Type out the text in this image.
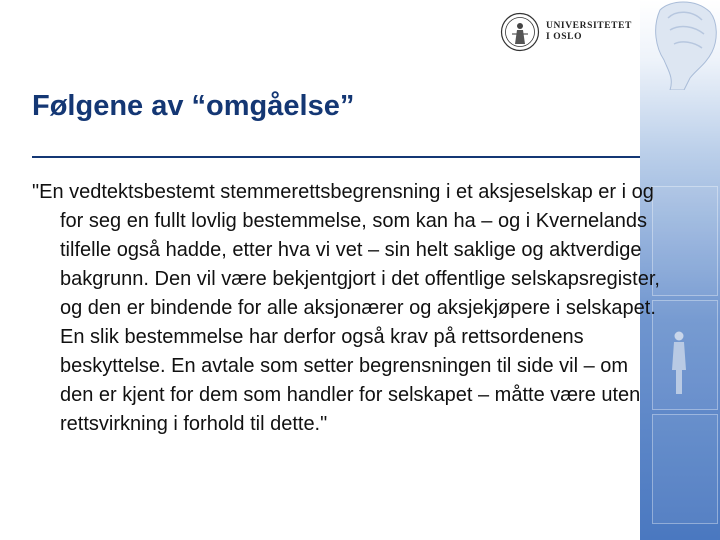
UNIVERSITETET
I OSLO
Følgene av “omgåelse”

"En vedtektsbestemt stemmerettsbegrensning i et aksjeselskap er i og for seg en fullt lovlig bestemmelse, som kan ha – og i Kvernelands tilfelle også hadde, etter hva vi vet – sin helt saklige og aktverdige bakgrunn. Den vil være bekjentgjort i det offentlige selskapsregister, og den er bindende for alle aksjonærer og aksjekjøpere i selskapet. En slik bestemmelse har derfor også krav på rettsordenens beskyttelse. En avtale som setter begrensningen til side vil – om den er kjent for dem som handler for selskapet – måtte være uten rettsvirkning i forhold til dette."
